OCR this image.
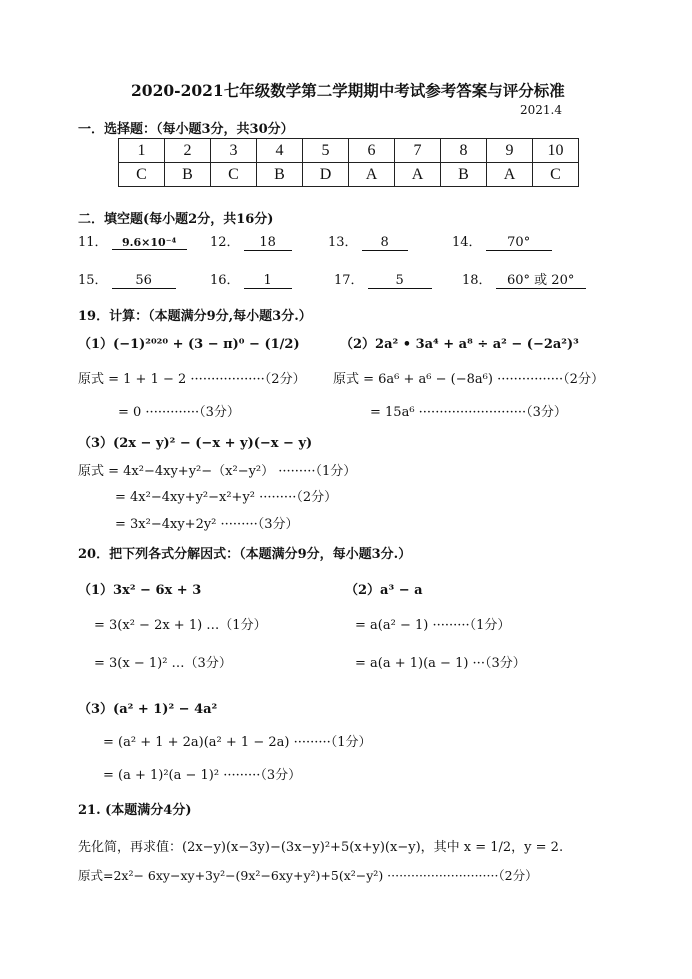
2020-2021七年级数学第二学期期中考试参考答案与评分标准
2021.4
一．选择题：（每小题3分，共30分）
1	2	3	4	5	6	7	8	9	10
C	B	C	B	D	A	A	B	A	C
二．填空题(每小题2分，共16分)
11． 9.6×10⁻⁴	12． 18	13． 8	14． 70°
15． 56	16． 1	17． 5	18． 60° 或 20°
19．计算：（本题满分9分,每小题3分.）
（1）(−1)²⁰²⁰ + (3 − π)⁰ − (1/2)	（2）2a² • 3a⁴ + a⁸ ÷ a² − (−2a²)³
原式 = 1 + 1 − 2 ··················（2分） 原式 = 6a⁶ + a⁶ − (−8a⁶) ················（2分）
= 0 ·············（3分）	= 15a⁶ ··························（3分）
（3）(2x − y)² − (−x + y)(−x − y)
原式 = 4x²−4xy+y²−（x²−y²） ·········（1分）
= 4x²−4xy+y²−x²+y² ·········（2分）
= 3x²−4xy+2y² ·········（3分）
20．把下列各式分解因式：（本题满分9分，每小题3分.）
（1）3x² − 6x + 3	（2）a³ − a
= 3(x² − 2x + 1) …（1分）	= a(a² − 1) ·········（1分）
= 3(x − 1)² …（3分）	= a(a + 1)(a − 1) ···（3分）
（3）(a² + 1)² − 4a²
= (a² + 1 + 2a)(a² + 1 − 2a) ·········（1分）
= (a + 1)²(a − 1)² ·········（3分）
21. (本题满分4分)
先化简，再求值：(2x−y)(x−3y)−(3x−y)²+5(x+y)(x−y)，其中 x = 1/2，y = 2.
原式=2x²− 6xy−xy+3y²−(9x²−6xy+y²)+5(x²−y²) ····························（2分）
